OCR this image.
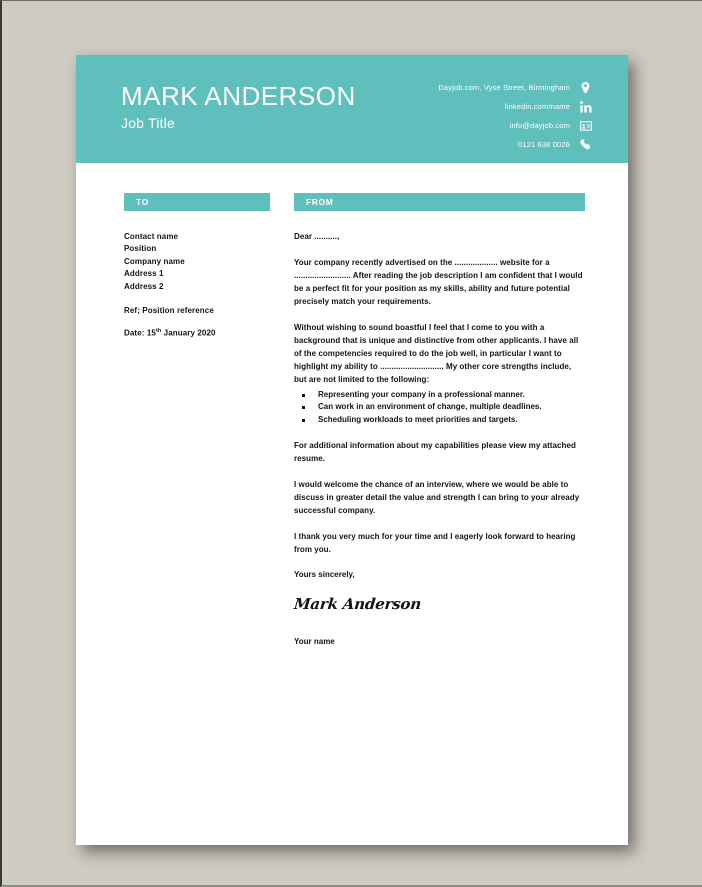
MARK ANDERSON
Job Title
Dayjob.com, Vyse Street, Birmingham
linkedin.com/name
info@dayjob.com
0121 638 0026
TO	FROM
Contact name
Position
Company name
Address 1
Address 2
Ref; Position reference
Date: 15th January 2020
Dear ..........,
Your company recently advertised on the ................... website for a ......................... After reading the job description I am confident that I would be a perfect fit for your position as my skills, ability and future potential precisely match your requirements.
Without wishing to sound boastful I feel that I come to you with a background that is unique and distinctive from other applicants. I have all of the competencies required to do the job well, in particular I want to highlight my ability to ............................ My other core strengths include, but are not limited to the following:
Representing your company in a professional manner.
Can work in an environment of change, multiple deadlines.
Scheduling workloads to meet priorities and targets.
For additional information about my capabilities please view my attached resume.
I would welcome the chance of an interview, where we would be able to discuss in greater detail the value and strength I can bring to your already successful company.
I thank you very much for your time and I eagerly look forward to hearing from you.
Yours sincerely,
Mark Anderson
Your name
